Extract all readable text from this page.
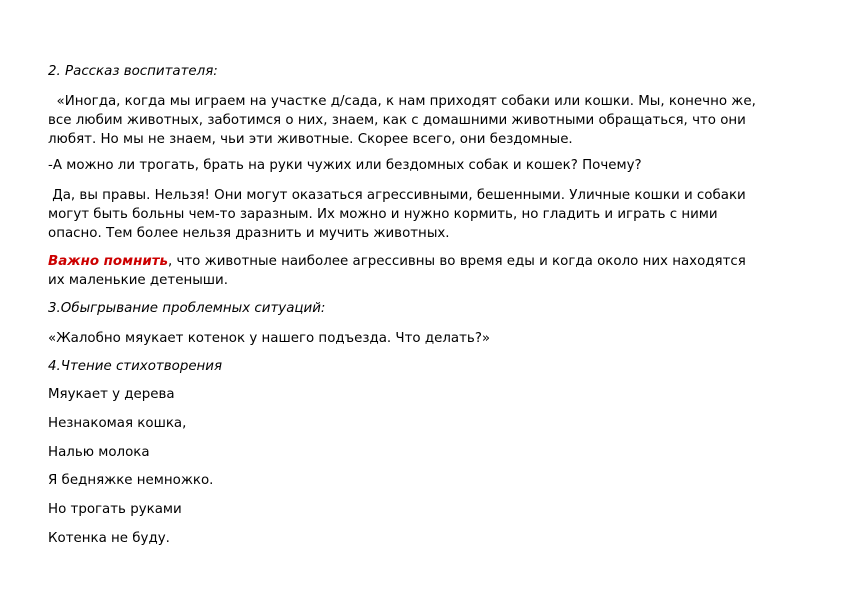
2. Рассказ воспитателя:
«Иногда, когда мы играем на участке д/сада, к нам приходят собаки или кошки. Мы, конечно же,
все любим животных, заботимся о них, знаем, как с домашними животными обращаться, что они
любят. Но мы не знаем, чьи эти животные. Скорее всего, они бездомные.
-А можно ли трогать, брать на руки чужих или бездомных собак и кошек? Почему?
Да, вы правы. Нельзя! Они могут оказаться агрессивными, бешенными. Уличные кошки и собаки
могут быть больны чем-то заразным. Их можно и нужно кормить, но гладить и играть с ними
опасно. Тем более нельзя дразнить и мучить животных.
Важно помнить, что животные наиболее агрессивны во время еды и когда около них находятся
их маленькие детеныши.
3.Обыгрывание проблемных ситуаций:
«Жалобно мяукает котенок у нашего подъезда. Что делать?»
4.Чтение стихотворения
Мяукает у дерева
Незнакомая кошка,
Налью молока
Я бедняжке немножко.
Но трогать руками
Котенка не буду.
